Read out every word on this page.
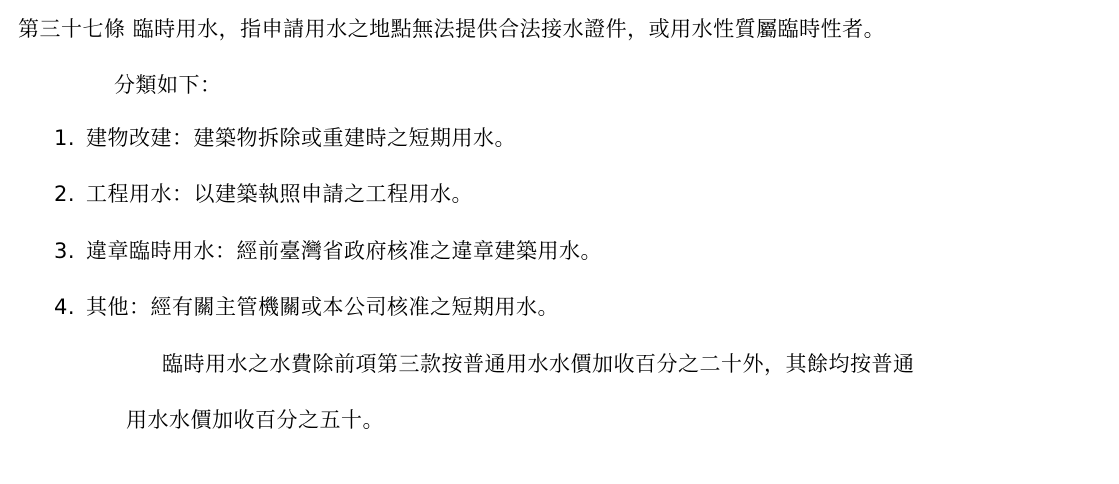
第三十七條 臨時用水，指申請用水之地點無法提供合法接水證件，或用水性質屬臨時性者。
分類如下：
1. 建物改建：建築物拆除或重建時之短期用水。
2. 工程用水：以建築執照申請之工程用水。
3. 違章臨時用水：經前臺灣省政府核准之違章建築用水。
4. 其他：經有關主管機關或本公司核准之短期用水。
臨時用水之水費除前項第三款按普通用水水價加收百分之二十外，其餘均按普通
用水水價加收百分之五十。
